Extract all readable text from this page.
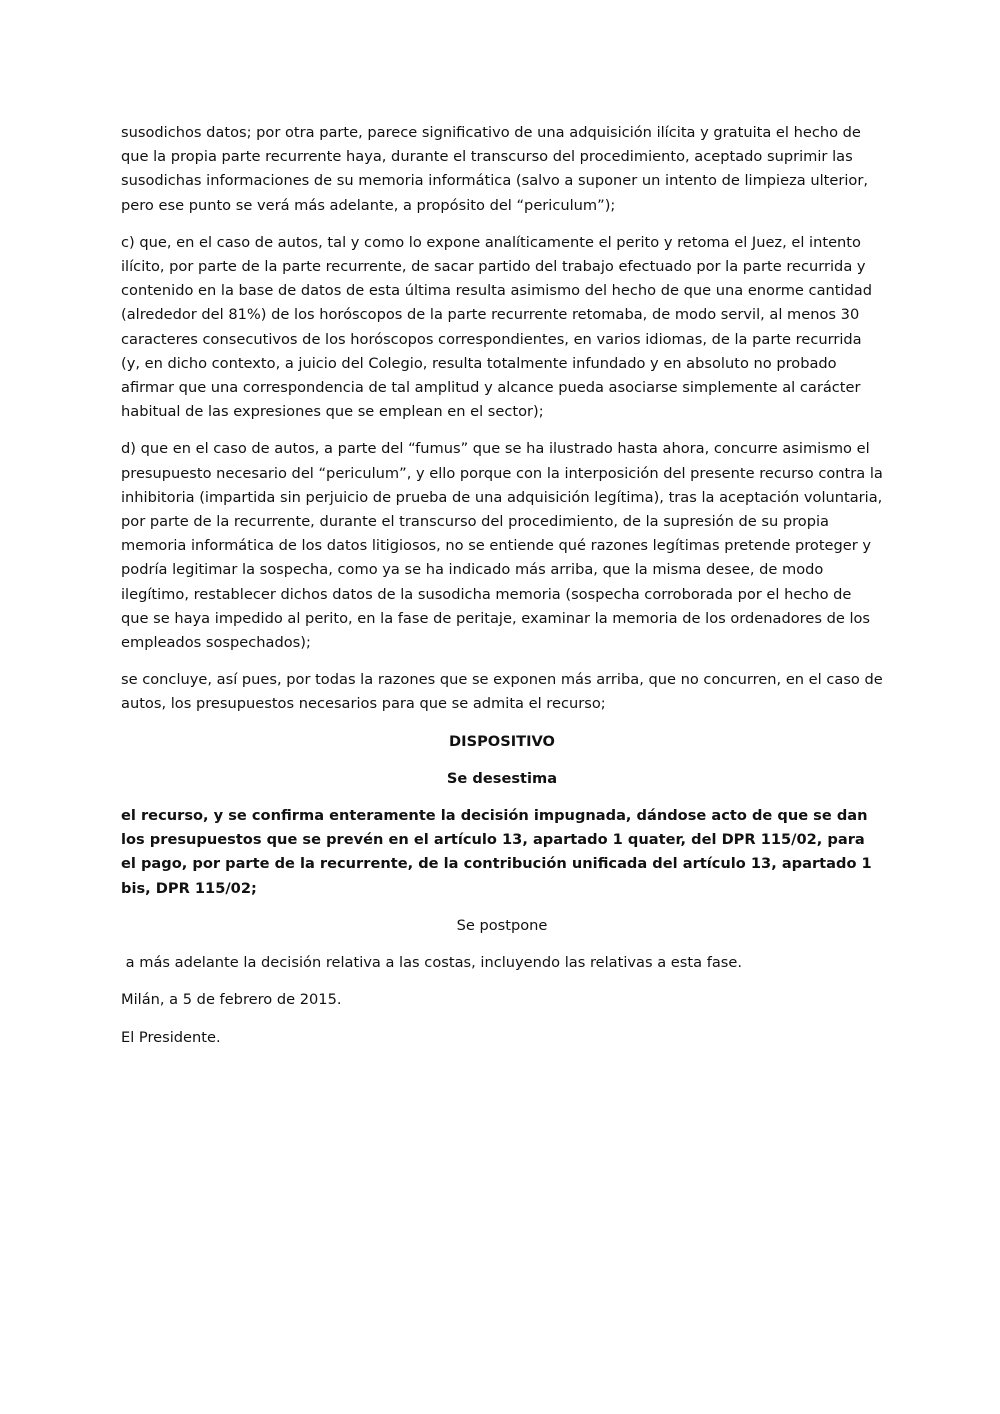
susodichos datos; por otra parte, parece significativo de una adquisición ilícita y gratuita el hecho de que la propia parte recurrente haya, durante el transcurso del procedimiento, aceptado suprimir las susodichas informaciones de su memoria informática (salvo a suponer un intento de limpieza ulterior, pero ese punto se verá más adelante, a propósito del “periculum”);

c) que, en el caso de autos, tal y como lo expone analíticamente el perito y retoma el Juez, el intento ilícito, por parte de la parte recurrente, de sacar partido del trabajo efectuado por la parte recurrida y contenido en la base de datos de esta última resulta asimismo del hecho de que una enorme cantidad (alrededor del 81%) de los horóscopos de la parte recurrente retomaba, de modo servil, al menos 30 caracteres consecutivos de los horóscopos correspondientes, en varios idiomas, de la parte recurrida (y, en dicho contexto, a juicio del Colegio, resulta totalmente infundado y en absoluto no probado afirmar que una correspondencia de tal amplitud y alcance pueda asociarse simplemente al carácter habitual de las expresiones que se emplean en el sector);

d) que en el caso de autos, a parte del “fumus” que se ha ilustrado hasta ahora, concurre asimismo el presupuesto necesario del “periculum”, y ello porque con la interposición del presente recurso contra la inhibitoria (impartida sin perjuicio de prueba de una adquisición legítima), tras la aceptación voluntaria, por parte de la recurrente, durante el transcurso del procedimiento, de la supresión de su propia memoria informática de los datos litigiosos, no se entiende qué razones legítimas pretende proteger y podría legitimar la sospecha, como ya se ha indicado más arriba, que la misma desee, de modo ilegítimo, restablecer dichos datos de la susodicha memoria (sospecha corroborada por el hecho de que se haya impedido al perito, en la fase de peritaje, examinar la memoria de los ordenadores de los empleados sospechados);

se concluye, así pues, por todas la razones que se exponen más arriba, que no concurren, en el caso de autos, los presupuestos necesarios para que se admita el recurso;

DISPOSITIVO

Se desestima

el recurso, y se confirma enteramente la decisión impugnada, dándose acto de que se dan los presupuestos que se prevén en el artículo 13, apartado 1 quater, del DPR 115/02, para el pago, por parte de la recurrente, de la contribución unificada del artículo 13, apartado 1 bis, DPR 115/02;

Se postpone

a más adelante la decisión relativa a las costas, incluyendo las relativas a esta fase.

Milán, a 5 de febrero de 2015.

El Presidente.
